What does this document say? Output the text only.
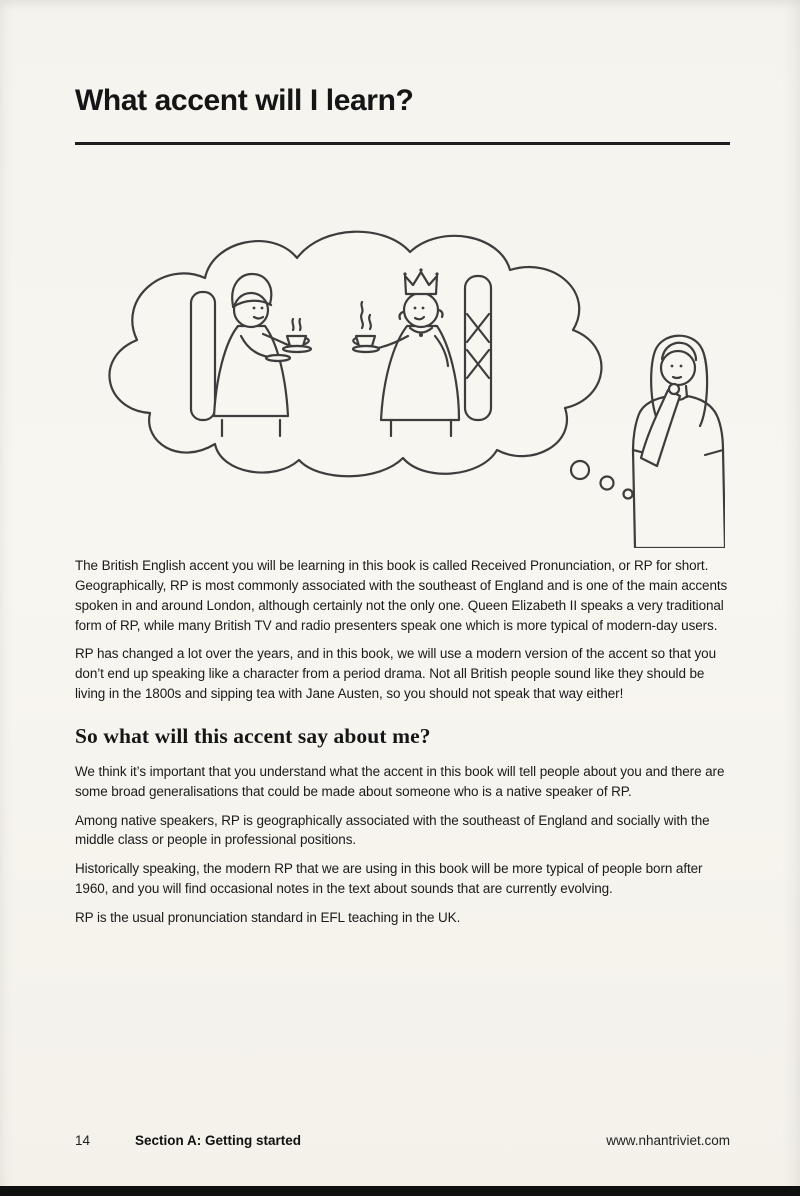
What accent will I learn?

The British English accent you will be learning in this book is called Received Pronunciation, or RP for short. Geographically, RP is most commonly associated with the southeast of England and is one of the main accents spoken in and around London, although certainly not the only one. Queen Elizabeth II speaks a very traditional form of RP, while many British TV and radio presenters speak one which is more typical of modern-day users.

RP has changed a lot over the years, and in this book, we will use a modern version of the accent so that you don’t end up speaking like a character from a period drama. Not all British people sound like they should be living in the 1800s and sipping tea with Jane Austen, so you should not speak that way either!

So what will this accent say about me?

We think it’s important that you understand what the accent in this book will tell people about you and there are some broad generalisations that could be made about someone who is a native speaker of RP.

Among native speakers, RP is geographically associated with the southeast of England and socially with the middle class or people in professional positions.

Historically speaking, the modern RP that we are using in this book will be more typical of people born after 1960, and you will find occasional notes in the text about sounds that are currently evolving.

RP is the usual pronunciation standard in EFL teaching in the UK.

14	Section A: Getting started	www.nhantriviet.com
